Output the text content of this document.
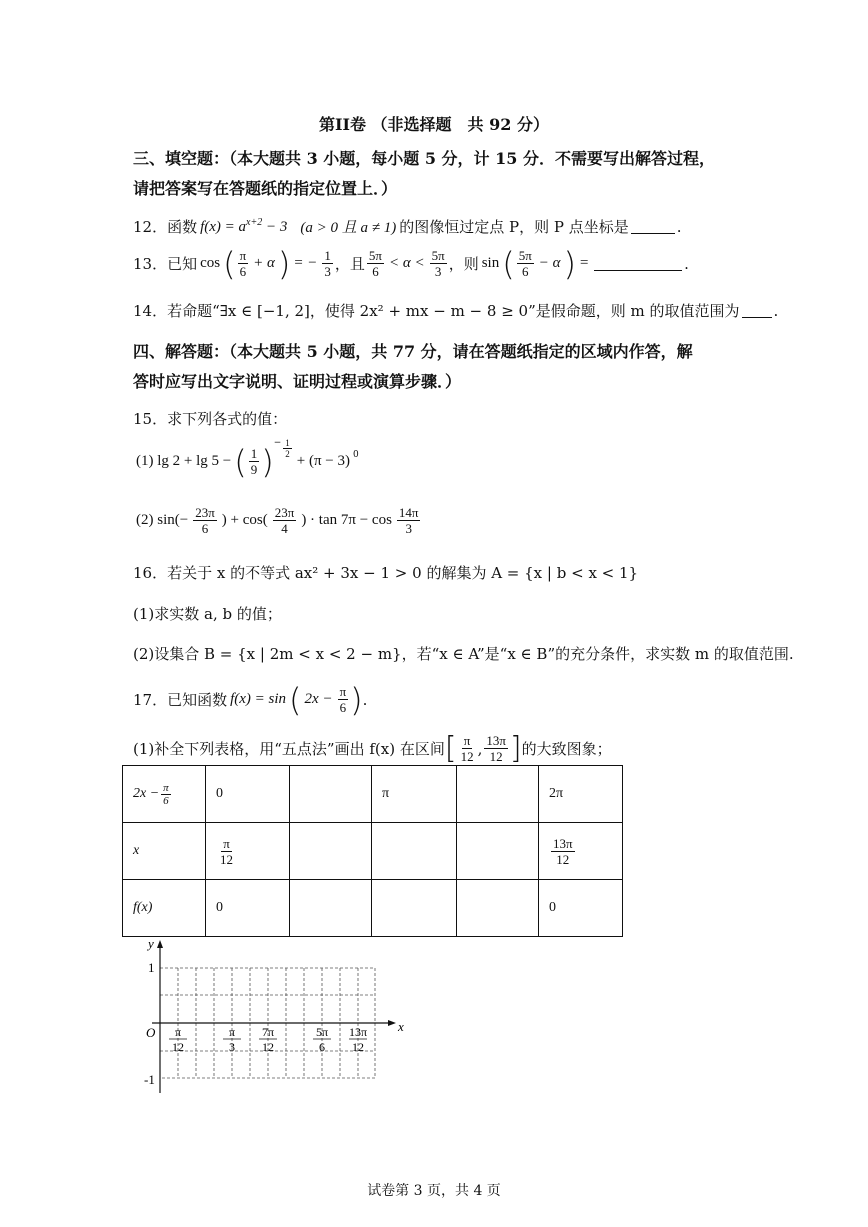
第II卷 （非选择题　共 92 分）
三、填空题：（本大题共 3 小题，每小题 5 分，计 15 分．不需要写出解答过程，
请把答案写在答题纸的指定位置上．）
12．函数 $f(x) = a^{x+2} - 3$ (a > 0 且 a ≠ 1) 的图像恒过定点 P，则 P 点坐标是	.
13．已知 cos ( $\frac{\pi}{6} + \alpha$ ) = − $\frac{1}{3}$ ，且 $\frac{5\pi}{6} < \alpha < \frac{5\pi}{3}$ ，则 sin ( $\frac{5\pi}{6} - \alpha$ ) =	.
14．若命题“∃x ∈ [−1, 2]，使得 2x² + mx − m − 8 ≥ 0”是假命题，则 m 的取值范围为 .
四、解答题：（本大题共 5 小题，共 77 分，请在答题纸指定的区域内作答，解
答时应写出文字说明、证明过程或演算步骤．）
15．求下列各式的值：
(1) lg 2 + lg 5 − ( $\frac{1}{9}$ ) − $\frac{1}{2}$
+ (π − 3) $^0$
(2) $\sin(- \frac{23\pi}{6}$ ) + $\cos( \frac{23\pi}{4}$ ) · $\tan 7\pi - \cos \frac{14\pi}{3}$
16．若关于 x 的不等式 ax² + 3x − 1 > 0 的解集为 A = {x | b < x < 1}
(1)求实数 a, b 的值；
(2)设集合 B = {x | 2m < x < 2 − m}，若“x ∈ A”是“x ∈ B”的充分条件，求实数 m 的取值范围.
17．已知函数 f(x) = sin ( $2x - \frac{\pi}{6}$ ) .
(1)补全下列表格，用“五点法”画出 f(x) 在区间 [ $\frac{\pi}{12}$ , $\frac{13\pi}{12}$ ] 的大致图象；
$2x - \frac{\pi}{6}$	0		π		2π
x	$\frac{\pi}{12}$				$\frac{13\pi}{12}$

f(x)	0				0
y
x
O
1
-1
π
12
π
3
7π
12
5π
6
13π
12
试卷第 3 页，共 4 页
